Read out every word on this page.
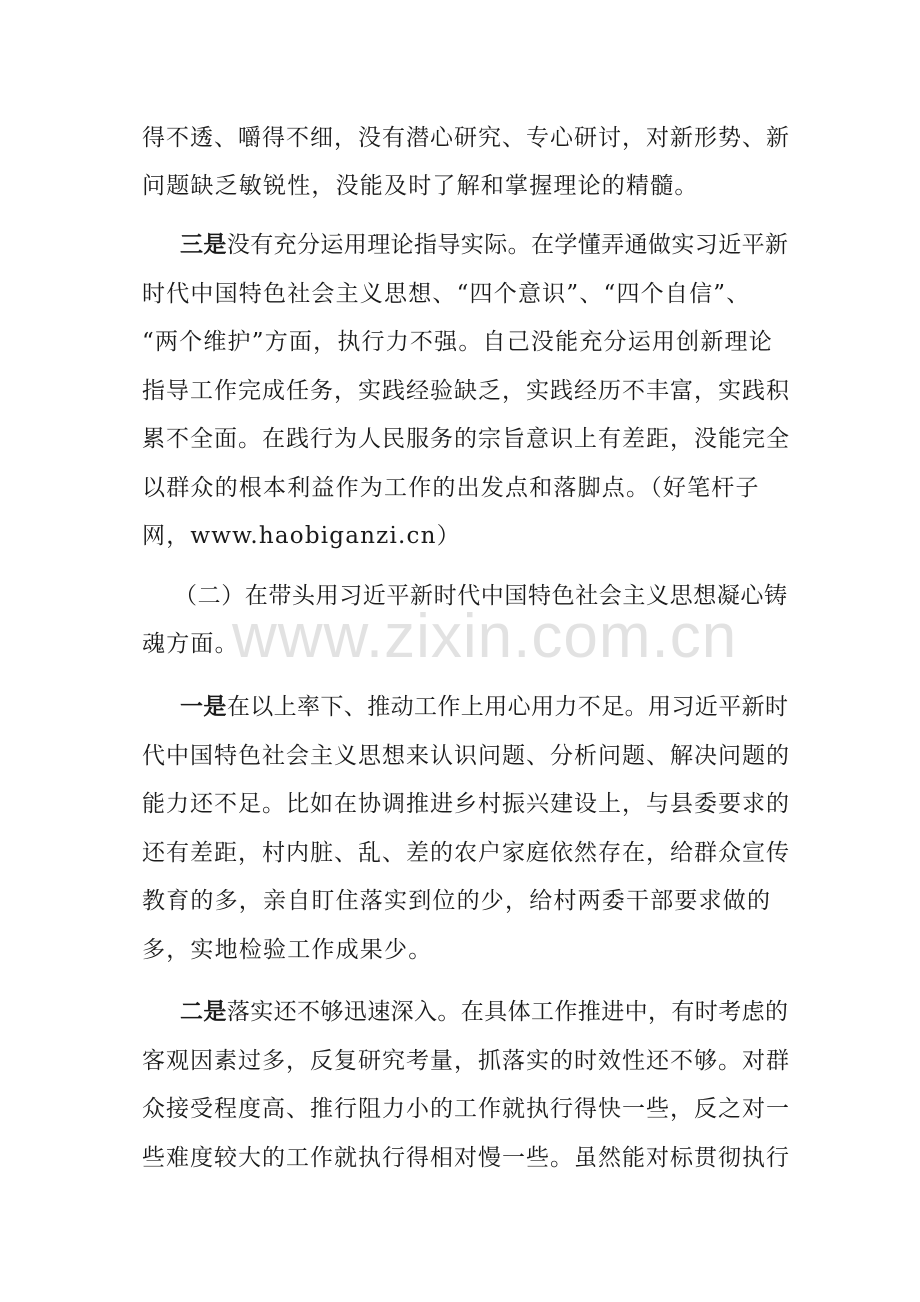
得不透、嚼得不细，没有潜心研究、专心研讨，对新形势、新
问题缺乏敏锐性，没能及时了解和掌握理论的精髓。
三是没有充分运用理论指导实际。在学懂弄通做实习近平新
时代中国特色社会主义思想、“四个意识”、“四个自信”、
“两个维护”方面，执行力不强。自己没能充分运用创新理论
指导工作完成任务，实践经验缺乏，实践经历不丰富，实践积
累不全面。在践行为人民服务的宗旨意识上有差距，没能完全
以群众的根本利益作为工作的出发点和落脚点。（好笔杆子
网，www.haobiganzi.cn）
（二）在带头用习近平新时代中国特色社会主义思想凝心铸
魂方面。
一是在以上率下、推动工作上用心用力不足。用习近平新时
代中国特色社会主义思想来认识问题、分析问题、解决问题的
能力还不足。比如在协调推进乡村振兴建设上，与县委要求的
还有差距，村内脏、乱、差的农户家庭依然存在，给群众宣传
教育的多，亲自盯住落实到位的少，给村两委干部要求做的
多，实地检验工作成果少。
二是落实还不够迅速深入。在具体工作推进中，有时考虑的
客观因素过多，反复研究考量，抓落实的时效性还不够。对群
众接受程度高、推行阻力小的工作就执行得快一些，反之对一
些难度较大的工作就执行得相对慢一些。虽然能对标贯彻执行
www.zixin.com.cn
